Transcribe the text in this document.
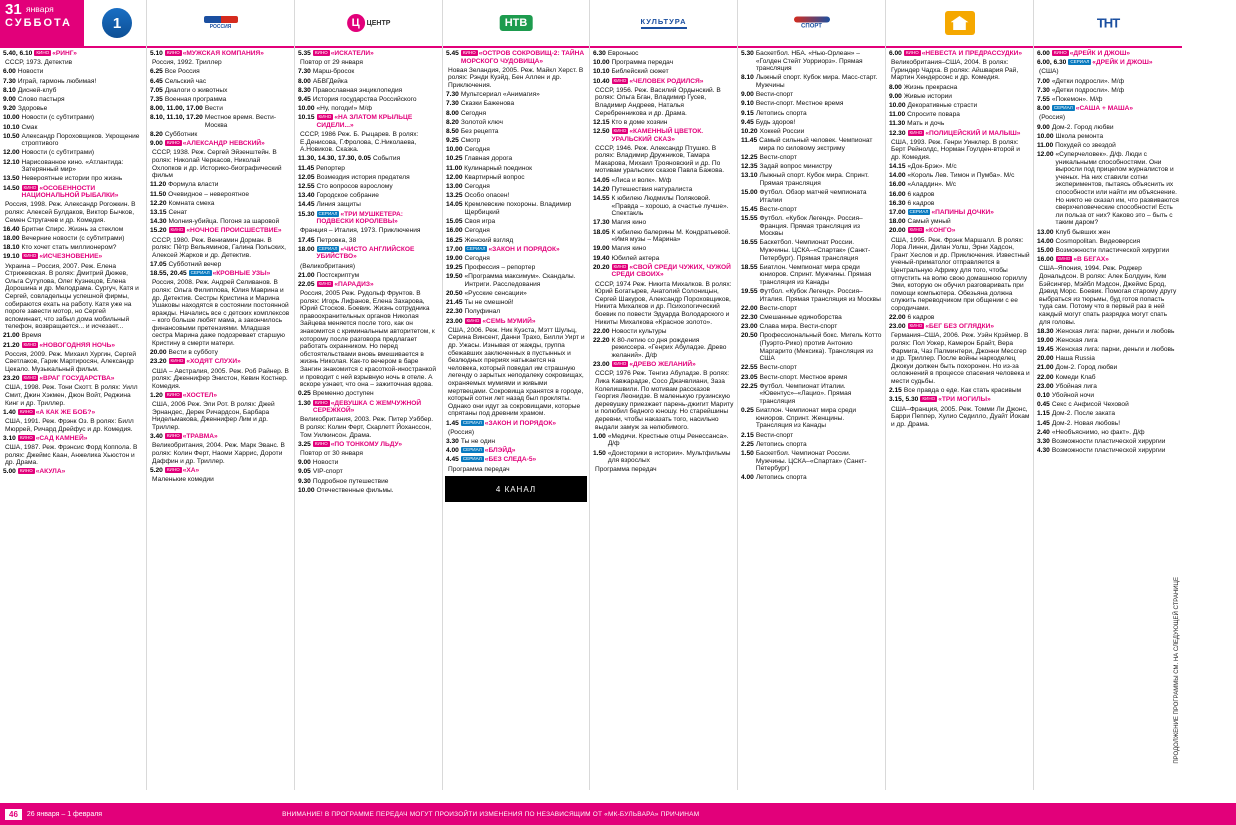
31 января
СУББОТА	1
5.40, 6.10 КИНО «РИНГ»
СССР, 1973. Детектив
6.00 Новости
7.30 Играй, гармонь любимая!
8.10 Дисней-клуб
9.00 Слово пастыря
9.20 Здоровье
10.00 Новости (с субтитрами)
10.10 Смак
10.50 Александр Пороховщиков. Укрощение строптивого
12.00 Новости (с субтитрами)
12.10 Нарисованное кино. «Атлантида: Затерянный мир»
13.50 Невероятные истории про жизнь
14.50 КИНО «ОСОБЕННОСТИ НАЦИОНАЛЬНОЙ РЫБАЛКИ»
Россия, 1998. Реж. Александр Рогожкин. В ролях: Алексей Булдаков, Виктор Бычков, Семен Стругачев и др. Комедия.
16.40 Бритни Спирс. Жизнь за стеклом
18.00 Вечерние новости (с субтитрами)
18.10 Кто хочет стать миллионером?
19.10 КИНО «ИСЧЕЗНОВЕНИЕ»
Украина – Россия, 2007. Реж. Елена Стрижевская. В ролях: Дмитрий Дюжев, Ольга Сутулова, Олег Кузнецов, Елена Дорошина и др. Мелодрама. Сургуч, Катя и Сергей, совладельцы успешной фирмы, собираются ехать на работу. Катя уже на пороге завести мотор, но Сергей вспоминает, что забыл дома мобильный телефон, возвращается... и исчезает...
21.00 Время
21.20 КИНО «НОВОГОДНЯЯ НОЧЬ»
Россия, 2009. Реж. Михаил Хургин, Сергей Светлаков, Гарик Мартиросян, Александр Цекало. Музыкальный фильм.
23.20 КИНО «ВРАГ ГОСУДАРСТВА»
США, 1998. Реж. Тони Скотт. В ролях: Уилл Смит, Джин Хэкмен, Джон Войт, Реджина Кинг и др. Триллер.
1.40 КИНО «А КАК ЖЕ БОБ?»
США, 1991. Реж. Фрэнк Оз. В ролях: Билл Мюррей, Ричард Дрейфус и др. Комедия.
3.10 КИНО «САД КАМНЕЙ»
США, 1987. Реж. Фрэнсис Форд Коппола. В ролях: Джеймс Каан, Анжелика Хьюстон и др. Драма.
5.00 КИНО «АКУЛА»
РОССИЯ
5.10 КИНО «МУЖСКАЯ КОМПАНИЯ»
Россия, 1992. Триллер
6.25 Все Россия
6.45 Сельский час
7.05 Диалоги о животных
7.35 Военная программа
8.00, 11.00, 17.00 Вести
8.10, 11.10, 17.20 Местное время. Вести-Москва
8.20 Субботник
9.00 КИНО «АЛЕКСАНДР НЕВСКИЙ»
СССР, 1938. Реж. Сергей Эйзенштейн. В ролях: Николай Черкасов, Николай Охлопков и др. Историко-биографический фильм
11.20 Формула власти
11.50 Очевидное – невероятное
12.20 Комната смеха
13.15 Сенат
14.30 Молния-убийца. Погоня за шаровой
15.20 КИНО «НОЧНОЕ ПРОИСШЕСТВИЕ»
СССР, 1980. Реж. Вениамин Дорман. В ролях: Пётр Вельяминов, Галина Польских, Алексей Жарков и др. Детектив.
17.05 Субботний вечер
18.55, 20.45 СЕРИАЛ «КРОВНЫЕ УЗЫ»
Россия, 2008. Реж. Андрей Селиванов. В ролях: Ольга Филиппова, Юлия Маврина и др. Детектив. Сестры Кристина и Марина Ушаковы находятся в состоянии постоянной вражды. Начались все с детских комплексов – кого больше любят мама, а закончилось финансовыми претензиями. Младшая сестра Марина даже подозревает старшую Кристину в смерти матери.
20.00 Вести в субботу
23.20 КИНО «ХОДЯТ СЛУХИ»
США – Австралия, 2005. Реж. Роб Райнер. В ролях: Дженнифер Энистон, Кевин Костнер. Комедия.
1.20 КИНО «ХОСТЕЛ»
США, 2006 Реж. Эли Рот. В ролях: Джей Эрнандес, Дерек Ричардсон, Барбара Нидельмакова, Дженнифер Лим и др. Триллер.
3.40 КИНО «ТРАВМА»
Великобритания, 2004. Реж. Марк Эванс. В ролях: Колин Ферт, Наоми Харрис, Дороти Даффин и др. Триллер.
5.20 КИНО «ХА»
Маленькие комедии
Ц ЦЕНТР
5.35 КИНО «ИСКАТЕЛИ»
Повтор от 29 января
7.30 Марш-бросок
8.00 АБВГДейка
8.30 Православная энциклопедия
9.45 История государства Российского
10.00 «Ну, погоди!» М/ф
10.15 КИНО «НА ЗЛАТОМ КРЫЛЬЦЕ СИДЕЛИ...»
СССР, 1986 Реж. Б. Рыцарев. В ролях: Е.Денисова, Г.Фролова, С.Николаева, А.Новиков. Сказка.
11.30, 14.30, 17.30, 0.05 События
11.45 Репортер
12.05 Возмездия история предателя
12.55 Сто вопросов взрослому
13.40 Городское собрание
14.45 Линия защиты
15.30 СЕРИАЛ «ТРИ МУШКЕТЕРА: ПОДВЕСКИ КОРОЛЕВЫ»
Франция – Италия, 1973. Приключения
17.45 Петровка, 38
18.00 СЕРИАЛ «ЧИСТО АНГЛИЙСКОЕ УБИЙСТВО»
(Великобритания)
21.00 Постскриптум
22.05 КИНО «ПАРАДИЗ»
Россия, 2005 Реж. Рудольф Фрунтов. В ролях: Игорь Лифанов, Елена Захарова, Юрий Стосков. Боевик. Жизнь сотрудника правоохранительных органов Николая Зайцева меняется после того, как он знакомится с криминальным авторитетом, к которому после разговора предлагает работать охранником. Но перед обстоятельствами вновь вмешивается в жизнь Николая. Как-то вечером в баре Зангин знакомится с красоткой-иностранкой и проводит с ней взрывную ночь в отеле. А вскоре узнает, что она – зажиточная вдова.
0.25 Временно доступен
1.30 КИНО «ДЕВУШКА С ЖЕМЧУЖНОЙ СЕРЕЖКОЙ»
Великобритания, 2003. Реж. Питер Уэббер. В ролях: Колин Ферт, Скарлетт Йоханссон, Том Уилкинсон. Драма.
3.25 КИНО «ПО ТОНКОМУ ЛЬДУ»
Повтор от 30 января
9.00 Новости
9.05 VIP-спорт
9.30 Подробное путешествие
10.00 Отечественные фильмы.
НТВ
5.45 КИНО «ОСТРОВ СОКРОВИЩ-2: ТАЙНА МОРСКОГО ЧУДОВИЩА»
Новая Зеландия, 2005. Реж. Майкл Херст. В ролях: Рэнди Куэйд, Бен Аллен и др. Приключения.
7.30 Мультсериал «Анимагия»
7.30 Сказки Баженова
8.00 Сегодня
8.20 Золотой ключ
8.50 Без рецепта
9.25 Смотр
10.00 Сегодня
10.25 Главная дорога
11.00 Кулинарный поединок
12.00 Квартирный вопрос
13.00 Сегодня
13.25 Особо опасен!
14.05 Кремлевские похороны. Владимир Щербицкий
15.05 Своя игра
16.00 Сегодня
16.25 Женский взгляд
17.00 СЕРИАЛ «ЗАКОН И ПОРЯДОК»
19.00 Сегодня
19.25 Профессия – репортер
19.50 «Программа максимум». Скандалы. Интриги. Расследования
20.50 «Русские сенсации»
21.45 Ты не смешной!
22.30 Полуфинал
23.00 КИНО «СЕМЬ МУМИЙ»
США, 2006. Реж. Ник Куэста, Мэтт Шульц, Серина Винсент, Данни Трахо, Билли Уирт и др. Ужасы. Изнывая от жажды, группа сбежавших заключенных в пустынных и безлюдных прериях натыкается на человека, который поведал им страшную легенду о зарытых неподалеку сокровищах, охраняемых мумиями и живыми мертвецами. Сокровища хранятся в городе, который сотни лет назад был прокляты. Однако они идут за сокровищами, которые спрятаны под древним храмом.
1.45 СЕРИАЛ «ЗАКОН И ПОРЯДОК»
(Россия)
3.30 Ты не один
4.00 СЕРИАЛ «БЛЭЙД»
4.45 СЕРИАЛ «БЕЗ СЛЕДА-5»
Программа передач
4 КАНАЛ
КУЛЬТУРА
6.30 Евроньюс
10.00 Программа передач
10.10 Библейский сюжет
10.40 КИНО «ЧЕЛОВЕК РОДИЛСЯ»
СССР, 1956. Реж. Василий Ордынский. В ролях: Ольга Бган, Владимир Гусев, Владимир Андреев, Наталья Серебренникова и др. Драма.
12.15 Кто в доме хозяин
12.50 КИНО «КАМЕННЫЙ ЦВЕТОК. УРАЛЬСКИЙ СКАЗ»
СССР, 1946. Реж. Александр Птушко. В ролях: Владимир Дружников, Тамара Макарова, Михаил Трояновский и др. По мотивам уральских сказов Павла Бажова.
14.05 «Лиса и волк». М/ф
14.20 Путешествия натуралиста
14.55 К юбилею Людмилы Поляковой. «Правда – хорошо, а счастье лучше». Спектакль
17.30 Магия кино
18.05 К юбилею балерины М. Кондратьевой. «Имя музы – Марина»
19.00 Магия кино
19.40 Юбилей актера
20.20 КИНО «СВОЙ СРЕДИ ЧУЖИХ, ЧУЖОЙ СРЕДИ СВОИХ»
СССР, 1974 Реж. Никита Михалков. В ролях: Юрий Богатырев, Анатолий Солоницын, Сергей Шакуров, Александр Пороховщиков, Никита Михалков и др. Психологический боевик по повести Эдуарда Володарского и Никиты Михалкова «Красное золото».
22.00 Новости культуры
22.20 К 80-летию со дня рождения режиссера. «Генрих Абуладзе. Древо желаний». Д/ф
23.00 КИНО «ДРЕВО ЖЕЛАНИЙ»
СССР, 1976 Реж. Тенгиз Абуладзе. В ролях: Лика Кавжарадзе, Сосо Джачвлиани, Заза Колелишвили. По мотивам рассказов Георгия Леонидзе. В маленькую грузинскую деревушку приезжает парень-джигит Мариту и полюбил бедного юношу. Но старейшины деревни, чтобы наказать того, насильно выдали замуж за нелюбимого.
1.00 «Медичи. Крестные отцы Ренессанса». Д/ф
1.50 «Доисторики в истории». Мультфильмы для взрослых
Программа передач
СПОРТ
5.30 Баскетбол. НБА. «Нью-Орлеан» – «Голден Стейт Уорриорз». Прямая трансляция
8.10 Лыжный спорт. Кубок мира. Масс-старт. Мужчины
9.00 Вести-спорт
9.10 Вести-спорт. Местное время
9.15 Летопись спорта
9.45 Будь здоров!
10.20 Хоккей России
11.45 Самый сильный человек. Чемпионат мира по силовому экстриму
12.25 Вести-спорт
12.35 Задай вопрос министру
13.10 Лыжный спорт. Кубок мира. Спринт. Прямая трансляция
15.00 Футбол. Обзор матчей чемпионата Италии
15.45 Вести-спорт
15.55 Футбол. «Кубок Легенд». Россия–Франция. Прямая трансляция из Москвы
16.55 Баскетбол. Чемпионат России. Мужчины. ЦСКА–«Спартак» (Санкт-Петербург). Прямая трансляция
18.55 Биатлон. Чемпионат мира среди юниоров. Спринт. Мужчины. Прямая трансляция из Канады
19.55 Футбол. «Кубок Легенд». Россия–Италия. Прямая трансляция из Москвы
22.00 Вести-спорт
22.30 Смешанные единоборства
23.00 Слава мира. Вести-спорт
20.50 Профессиональный бокс. Мигель Котто (Пуэрто-Рико) против Антонио Маргарито (Мексика). Трансляция из США
22.55 Вести-спорт
23.05 Вести-спорт. Местное время
22.25 Футбол. Чемпионат Италии. «Ювентус»–«Лацио». Прямая трансляция
0.25 Биатлон. Чемпионат мира среди юниоров. Спринт. Женщины. Трансляция из Канады
2.15 Вести-спорт
2.25 Летопись спорта
1.50 Баскетбол. Чемпионат России. Мужчины. ЦСКА–«Спартак» (Санкт-Петербург)
4.00 Летопись спорта
6.00 КИНО «НЕВЕСТА И ПРЕДРАССУДКИ»
Великобритания–США, 2004. В ролях: Гуриндер Чадха. В ролях: Айшвария Рай, Мартин Хендерсонс и др. Комедия.
8.00 Жизнь прекрасна
9.00 Живые истории
10.00 Декоративные страсти
11.00 Спросите повара
11.30 Мать и дочь
12.30 КИНО «ПОЛИЦЕЙСКИЙ И МАЛЫШ»
США, 1993. Реж. Генри Уинклер. В ролях: Берт Рейнолдс, Норман Гоулден-второй и др. Комедия.
14.15 «Док-Брэк». М/с
14.00 «Король Лев. Тимон и Пумба». М/с
16.00 «Аладдин». М/с
16.00 6 кадров
16.30 6 кадров
17.00 СЕРИАЛ «ПАПИНЫ ДОЧКИ»
18.00 Самый умный
20.00 КИНО «КОНГО»
США, 1995. Реж. Фрэнк Маршалл. В ролях: Лора Линни, Дилан Уолш, Эрни Хадсон, Грант Хеслов и др. Приключения. Известный ученый-приматолог отправляется в Центральную Африку для того, чтобы отпустить на волю свою домашнюю гориллу Эми, которую он обучил разговаривать при помощи компьютера. Обезьяна должна служить переводчиком при общении с ее сородичами.
22.00 6 кадров
23.00 КИНО «БЕГ БЕЗ ОГЛЯДКИ»
Германия–США, 2006. Реж. Уэйн Крэймер. В ролях: Пол Уокер, Камерон Брайт, Вера Фармига, Чаз Палминтери, Джонни Мессгер и др. Триллер. После войны наркоделец Джокуи должен быть похоронен. Но из-за осложнений в процессе спасения человека и мести судьбы.
2.15 Все правда о еде. Как стать красивым
3.15, 5.30 КИНО «ТРИ МОГИЛЫ»
США–Франция, 2005. Реж. Томми Ли Джонс, Барри Пеппер, Хулио Седилло, Дуайт Йокам и др. Драма.
ТНТ
6.00 КИНО «ДРЕЙК И ДЖОШ»
6.00, 6.30 СЕРИАЛ «ДРЕЙК И ДЖОШ»
(США)
7.00 «Детки подросли». М/ф
7.30 «Детки подросли». М/ф
7.55 «Покемон». М/ф
8.00 СЕРИАЛ «САША + МАША»
(Россия)
9.00 Дом-2. Город любви
10.00 Школа ремонта
11.00 Похудей со звездой
12.00 «Суперчеловек». Д/ф. Люди с уникальными способностями. Они выросли под прицелом журналистов и ученых. На них ставили сотни экспериментов, пытаясь объяснить их способности или найти им объяснение. Но никто не сказал им, что развиваются сверхчеловеческие способности! Есть ли польза от них? Каково это – быть с таким даром?
13.00 Клуб бывших жен
14.00 Cosmopolitan. Видеоверсия
15.00 Возможности пластической хирургии
16.00 КИНО «В БЕГАХ»
США–Япония, 1994. Реж. Роджер Дональдсон. В ролях: Алек Болдуин, Ким Бэйсингер, Мэйбл Мэдсон, Джеймс Брод, Дэвид Морс. Боевик. Помогая старому другу выбраться из тюрьмы, буд готов попасть туда сам. Потому что в первый раз в ней каждый могут спать разрядка могут спать для головы.
18.30 Женская лига: парни, деньги и любовь
19.00 Женская лига
19.45 Женская лига: парни, деньги и любовь
20.00 Наша Russia
21.00 Дом-2. Город любви
22.00 Комеди Клаб
23.00 Убойная лига
0.10 Убойной ночи
0.45 Секс с Анфисой Чеховой
1.15 Дом-2. После заката
1.45 Дом-2. Новая любовь!
2.40 «Необъяснимо, но факт». Д/ф
3.30 Возможности пластической хирургии
4.30 Возможности пластической хирургии
ПРОДОЛЖЕНИЕ ПРОГРАММЫ СМ. НА СЛЕДУЮЩЕЙ СТРАНИЦЕ
46	26 января – 1 февраля	ВНИМАНИЕ! В ПРОГРАММЕ ПЕРЕДАЧ МОГУТ ПРОИЗОЙТИ ИЗМЕНЕНИЯ ПО НЕЗАВИСЯЩИМ ОТ «МК-БУЛЬВАРА» ПРИЧИНАМ
